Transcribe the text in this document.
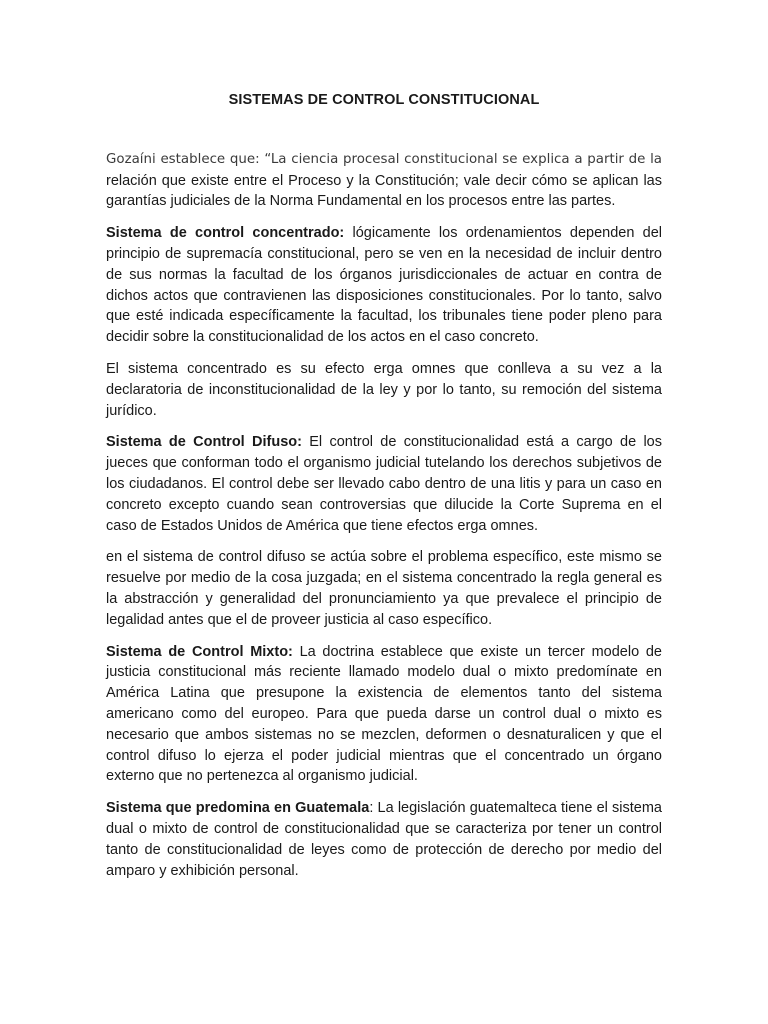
SISTEMAS DE CONTROL CONSTITUCIONAL

Gozaíni establece que: “La ciencia procesal constitucional se explica a partir de la relación que existe entre el Proceso y la Constitución; vale decir cómo se aplican las garantías judiciales de la Norma Fundamental en los procesos entre las partes.

Sistema de control concentrado: lógicamente los ordenamientos dependen del principio de supremacía constitucional, pero se ven en la necesidad de incluir dentro de sus normas la facultad de los órganos jurisdiccionales de actuar en contra de dichos actos que contravienen las disposiciones constitucionales. Por lo tanto, salvo que esté indicada específicamente la facultad, los tribunales tiene poder pleno para decidir sobre la constitucionalidad de los actos en el caso concreto.

El sistema concentrado es su efecto erga omnes que conlleva a su vez a la declaratoria de inconstitucionalidad de la ley y por lo tanto, su remoción del sistema jurídico.

Sistema de Control Difuso: El control de constitucionalidad está a cargo de los jueces que conforman todo el organismo judicial tutelando los derechos subjetivos de los ciudadanos. El control debe ser llevado cabo dentro de una litis y para un caso en concreto excepto cuando sean controversias que dilucide la Corte Suprema en el caso de Estados Unidos de América que tiene efectos erga omnes.

en el sistema de control difuso se actúa sobre el problema específico, este mismo se resuelve por medio de la cosa juzgada; en el sistema concentrado la regla general es la abstracción y generalidad del pronunciamiento ya que prevalece el principio de legalidad antes que el de proveer justicia al caso específico.

Sistema de Control Mixto: La doctrina establece que existe un tercer modelo de justicia constitucional más reciente llamado modelo dual o mixto predomínate en América Latina que presupone la existencia de elementos tanto del sistema americano como del europeo. Para que pueda darse un control dual o mixto es necesario que ambos sistemas no se mezclen, deformen o desnaturalicen y que el control difuso lo ejerza el poder judicial mientras que el concentrado un órgano externo que no pertenezca al organismo judicial.

Sistema que predomina en Guatemala: La legislación guatemalteca tiene el sistema dual o mixto de control de constitucionalidad que se caracteriza por tener un control tanto de constitucionalidad de leyes como de protección de derecho por medio del amparo y exhibición personal.
